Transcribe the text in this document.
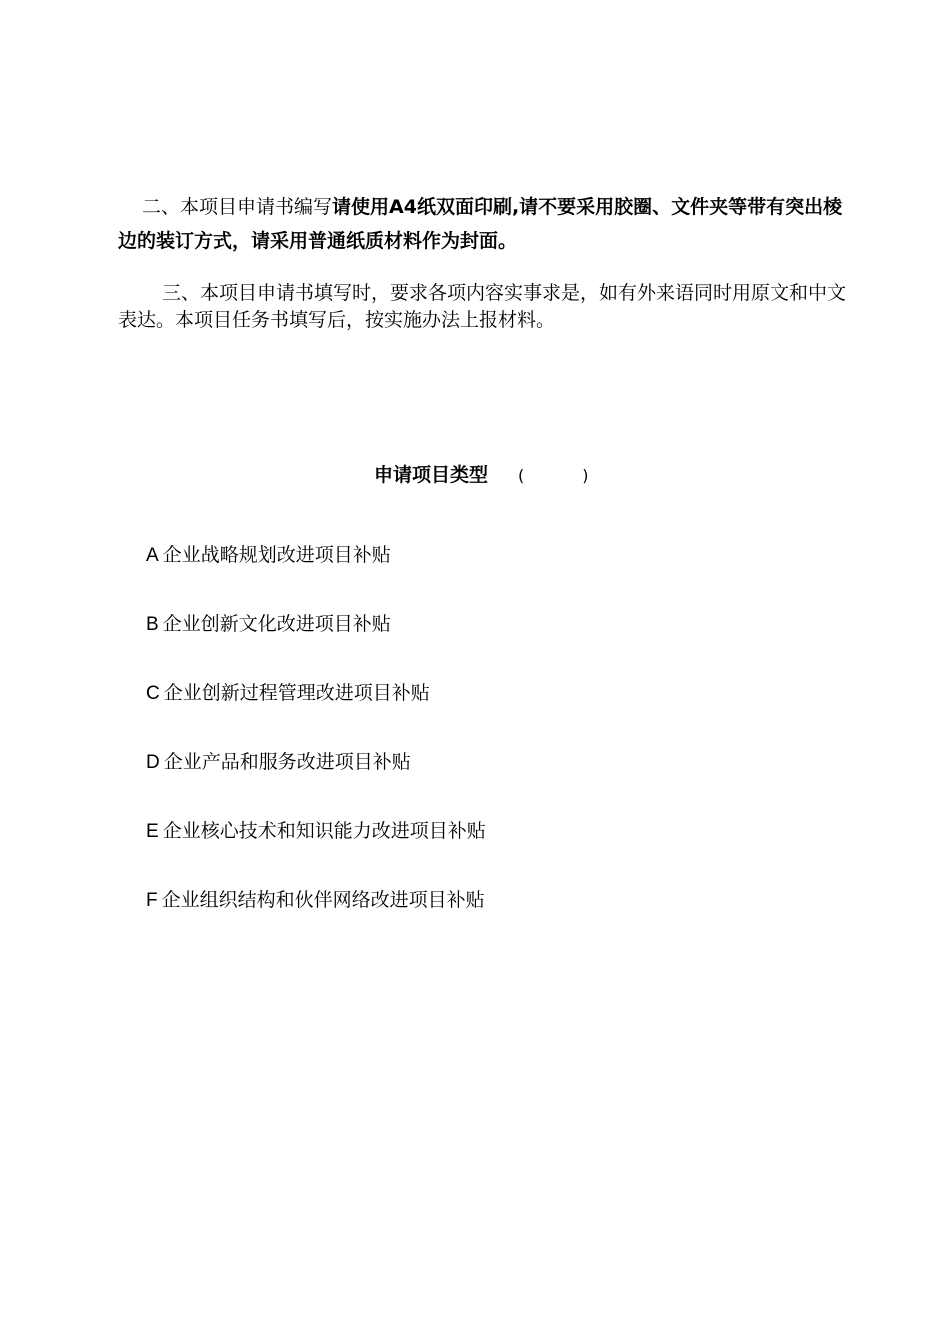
二、本项目申请书编写请使用A4纸双面印刷,请不要采用胶圈、文件夹等带有突出棱边的装订方式，请采用普通纸质材料作为封面。

三、本项目申请书填写时，要求各项内容实事求是，如有外来语同时用原文和中文表达。本项目任务书填写后，按实施办法上报材料。

申请项目类型 (	)
A 企业战略规划改进项目补贴
B 企业创新文化改进项目补贴
C 企业创新过程管理改进项目补贴
D 企业产品和服务改进项目补贴
E 企业核心技术和知识能力改进项目补贴
F 企业组织结构和伙伴网络改进项目补贴
